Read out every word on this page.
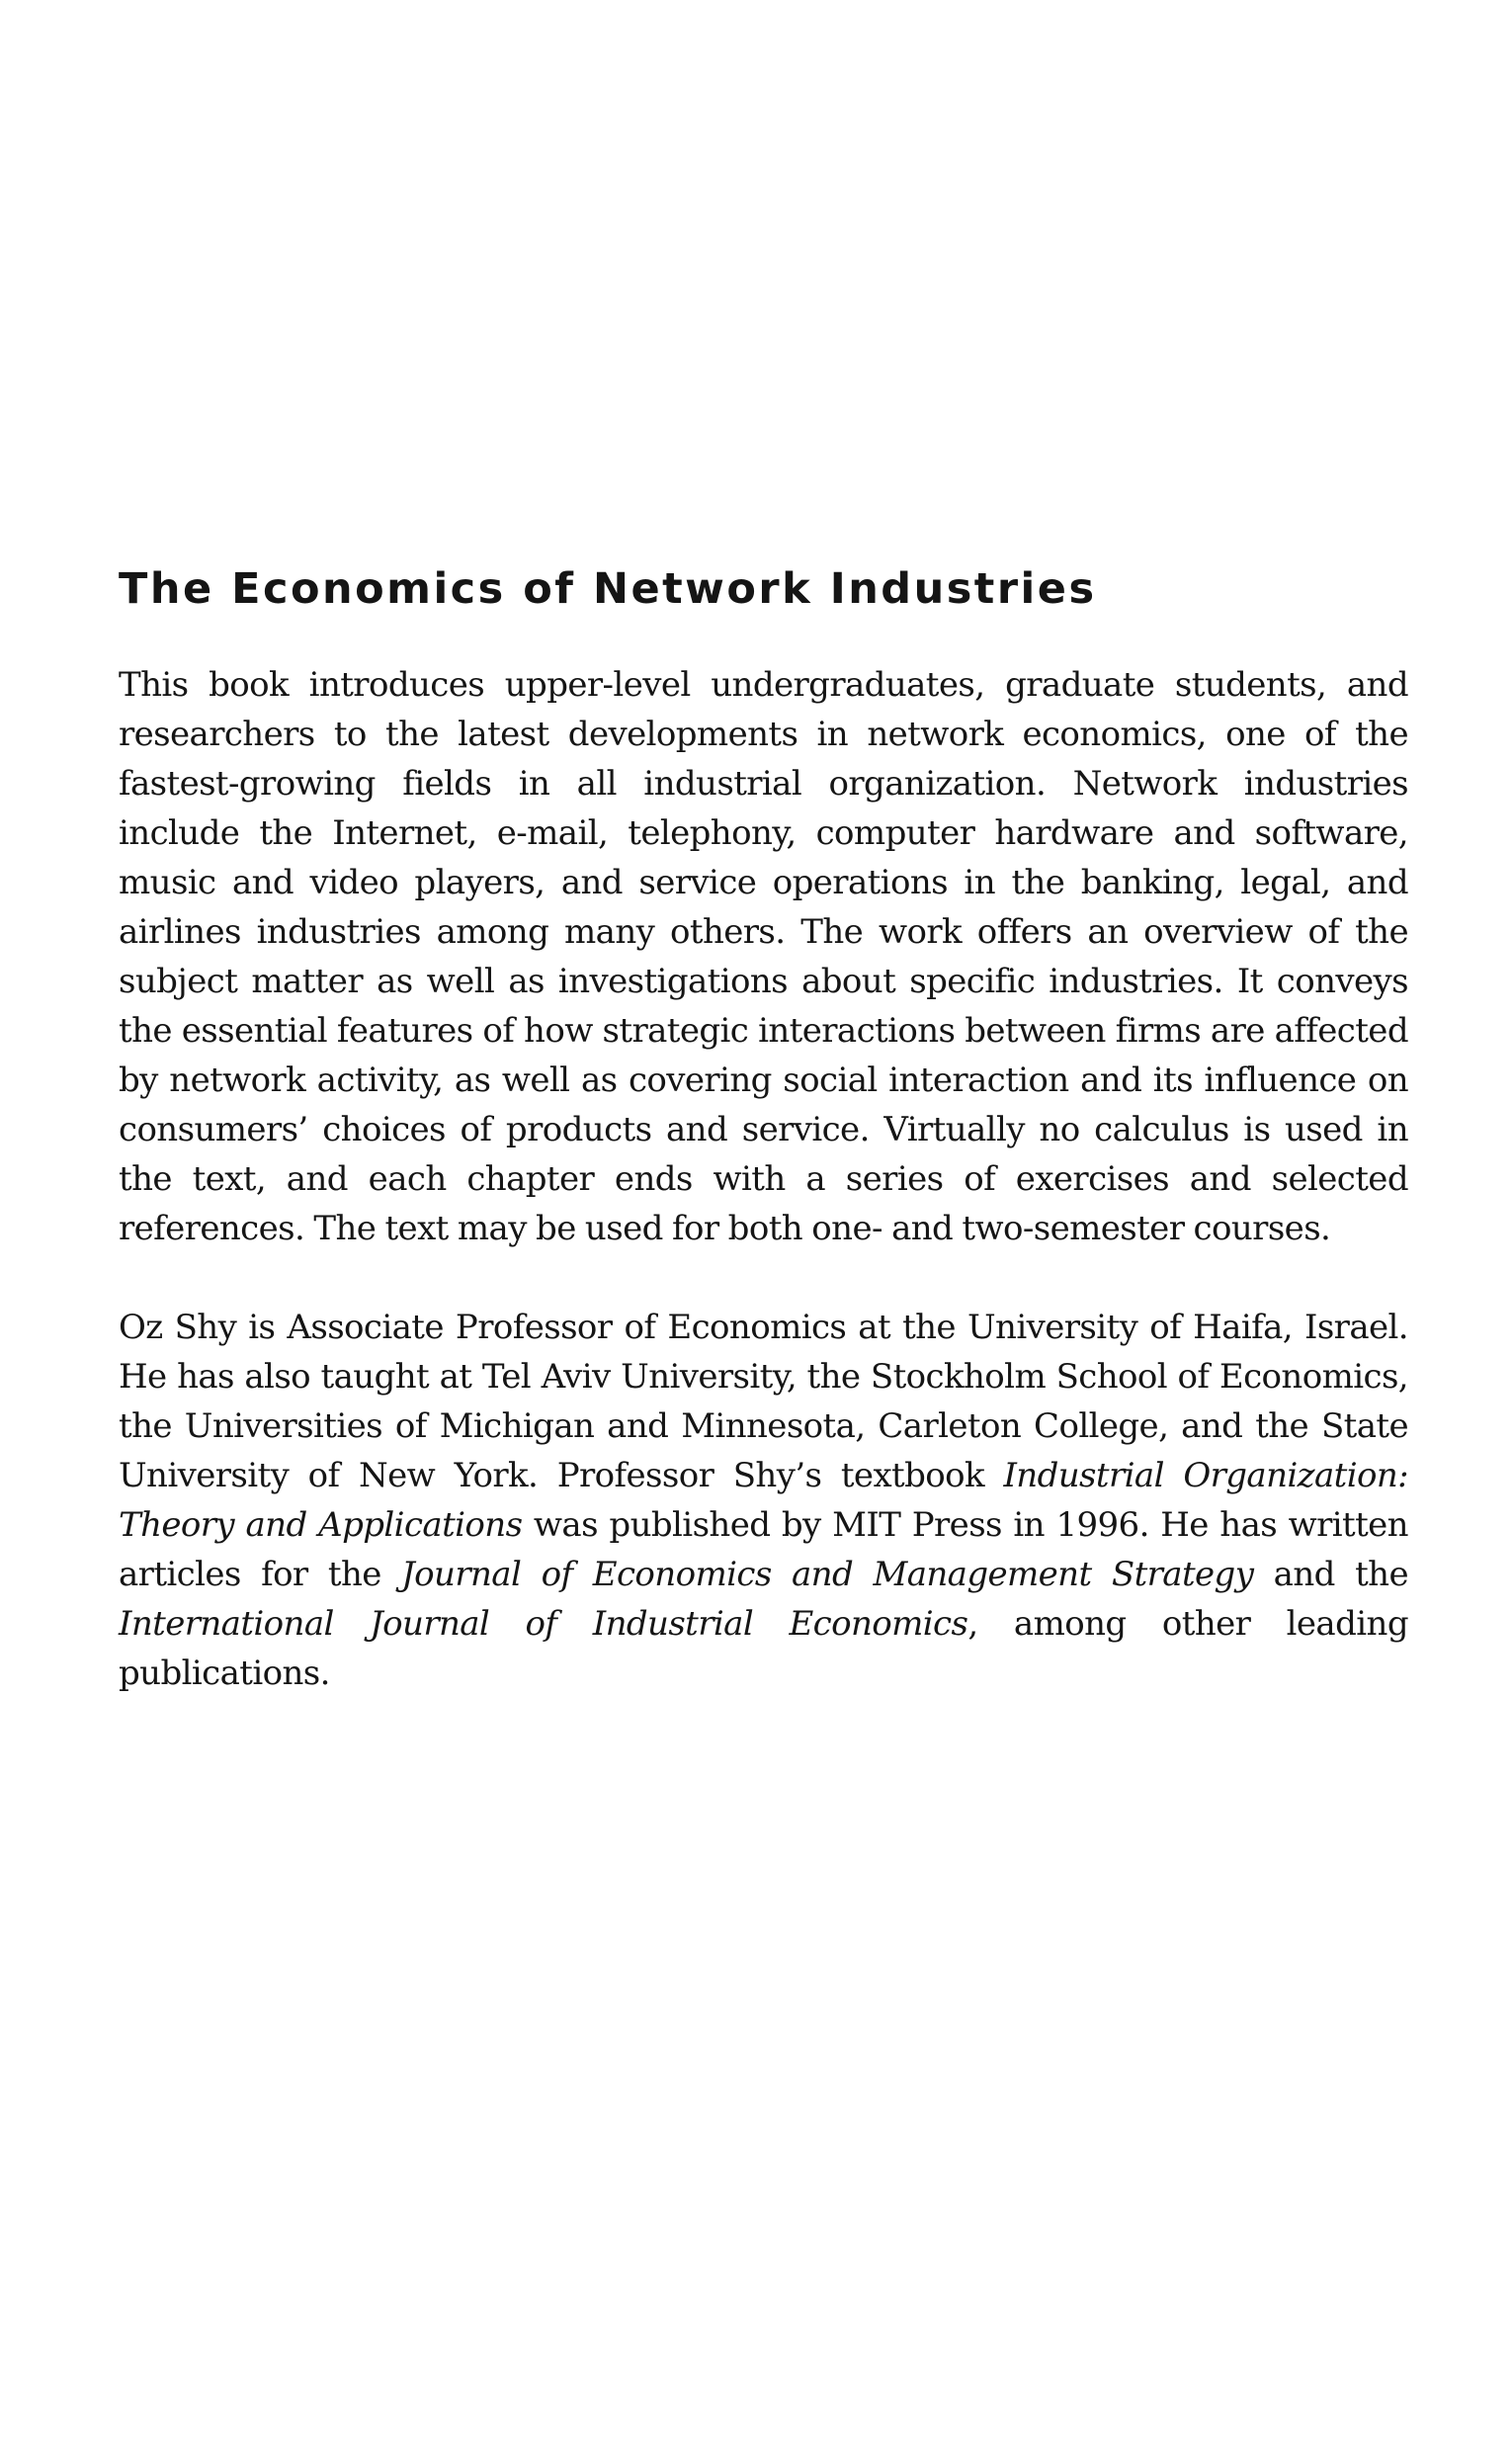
The Economics of Network Industries

This book introduces upper-level undergraduates, graduate students, and researchers to the latest developments in network economics, one of the fastest-growing fields in all industrial organization. Network industries include the Internet, e-mail, telephony, computer hardware and software, music and video players, and service operations in the banking, legal, and airlines industries among many others. The work offers an overview of the subject matter as well as investigations about specific industries. It conveys the essential features of how strategic interactions between firms are affected by network activity, as well as covering social interaction and its influence on consumers’ choices of products and service. Virtually no calculus is used in the text, and each chapter ends with a series of exercises and selected references. The text may be used for both one- and two-semester courses.

Oz Shy is Associate Professor of Economics at the University of Haifa, Israel. He has also taught at Tel Aviv University, the Stockholm School of Economics, the Universities of Michigan and Minnesota, Carleton College, and the State University of New York. Professor Shy’s textbook Industrial Organization: Theory and Applications was published by MIT Press in 1996. He has written articles for the Journal of Economics and Management Strategy and the International Journal of Industrial Economics, among other leading publications.
